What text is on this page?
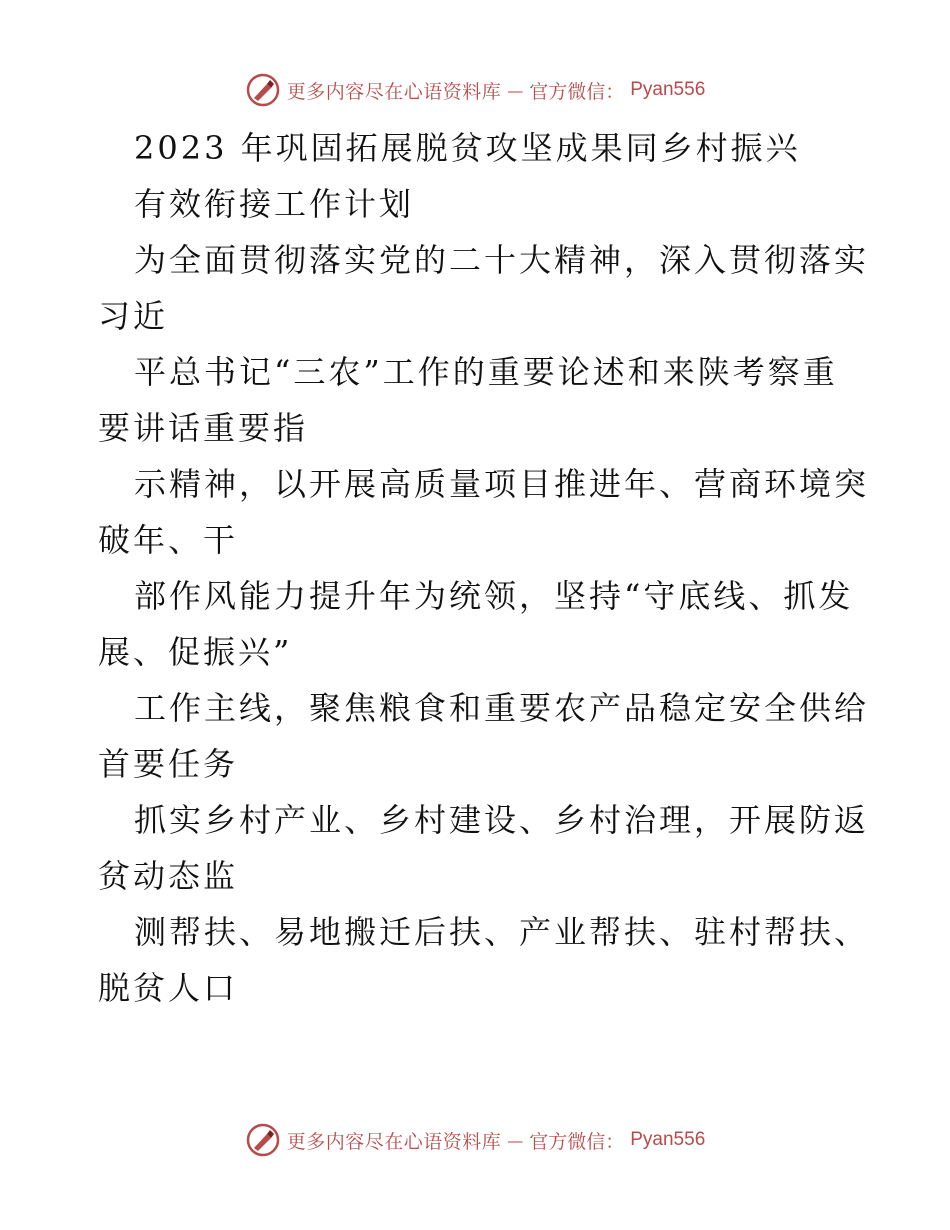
更多内容尽在心语资料库 — 官方微信： Pyan556
2023 年巩固拓展脱贫攻坚成果同乡村振兴
有效衔接工作计划
为全面贯彻落实党的二十大精神，深入贯彻落实
习近
平总书记“三农”工作的重要论述和来陕考察重
要讲话重要指
示精神，以开展高质量项目推进年、营商环境突
破年、干
部作风能力提升年为统领，坚持“守底线、抓发
展、促振兴”
工作主线，聚焦粮食和重要农产品稳定安全供给
首要任务
抓实乡村产业、乡村建设、乡村治理，开展防返
贫动态监
测帮扶、易地搬迁后扶、产业帮扶、驻村帮扶、
脱贫人口
更多内容尽在心语资料库 — 官方微信： Pyan556
